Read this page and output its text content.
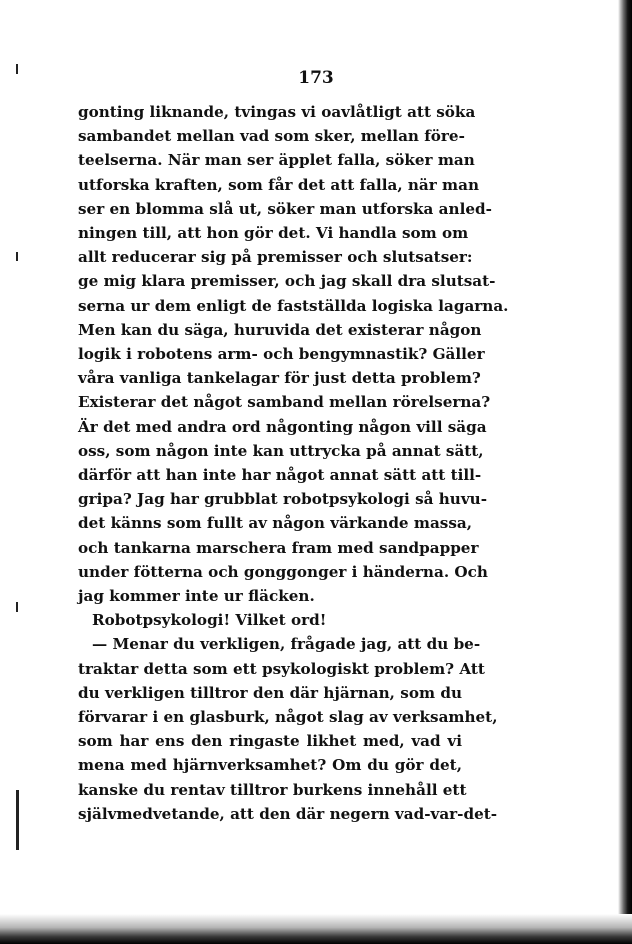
173
gonting liknande, tvingas vi oavlåtligt att söka
sambandet mellan vad som sker, mellan före-
teelserna. När man ser äpplet falla, söker man
utforska kraften, som får det att falla, när man
ser en blomma slå ut, söker man utforska anled-
ningen till, att hon gör det. Vi handla som om
allt reducerar sig på premisser och slutsatser:
ge mig klara premisser, och jag skall dra slutsat-
serna ur dem enligt de fastställda logiska lagarna.
Men kan du säga, huruvida det existerar någon
logik i robotens arm- och bengymnastik? Gäller
våra vanliga tankelagar för just detta problem?
Existerar det något samband mellan rörelserna?
Är det med andra ord någonting någon vill säga
oss, som någon inte kan uttrycka på annat sätt,
därför att han inte har något annat sätt att till-
gripa? Jag har grubblat robotpsykologi så huvu-
det känns som fullt av någon värkande massa,
och tankarna marschera fram med sandpapper
under fötterna och gonggonger i händerna. Och
jag kommer inte ur fläcken.
Robotpsykologi! Vilket ord!
— Menar du verkligen, frågade jag, att du be-
traktar detta som ett psykologiskt problem? Att
du verkligen tilltror den där hjärnan, som du
förvarar i en glasburk, något slag av verksamhet,
som har ens den ringaste likhet med, vad vi
mena med hjärnverksamhet? Om du gör det,
kanske du rentav tilltror burkens innehåll ett
självmedvetande, att den där negern vad-var-det-
